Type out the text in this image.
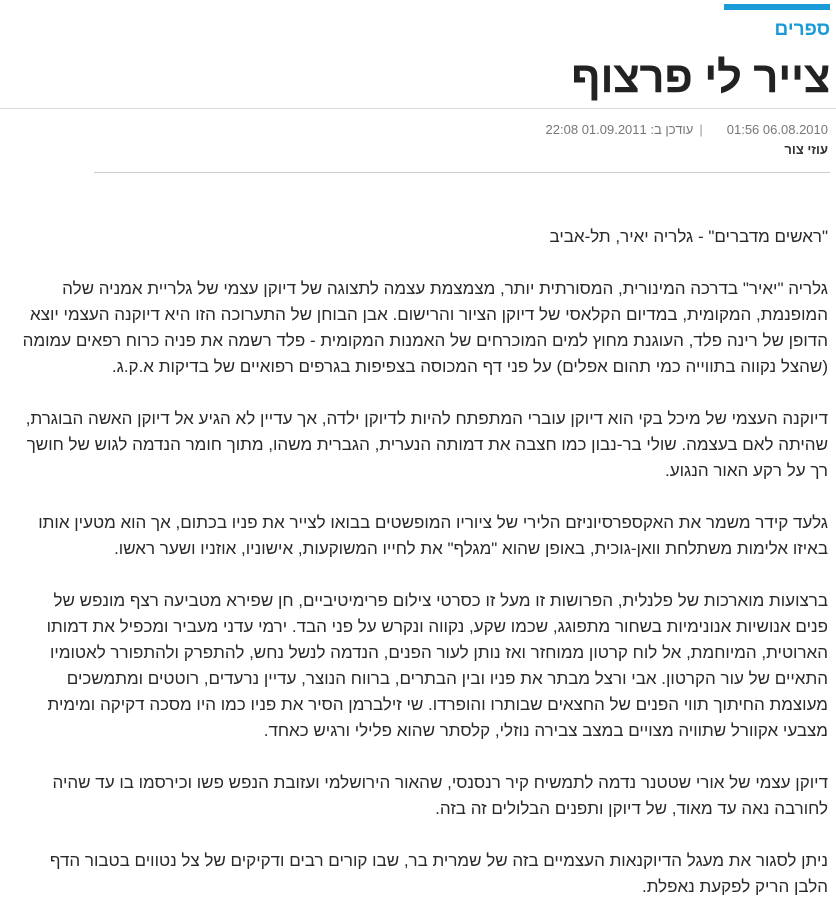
ספרים
צייר לי פרצוף
06.08.2010 01:56|עודכן ב: 01.09.2011 22:08
עוזי צור

"ראשים מדברים" - גלריה יאיר, תל-אביב

גלריה "יאיר" בדרכה המינורית, המסורתית יותר, מצמצמת עצמה לתצוגה של דיוקן עצמי של גלריית אמניה שלה המופנמת, המקומית, במדיום הקלאסי של דיוקן הציור והרישום. אבן הבוחן של התערוכה הזו היא דיוקנה העצמי יוצא הדופן של רינה פלד, העוגנת מחוץ למים המוכרחים של האמנות המקומית - פלד רשמה את פניה כרוח רפאים עמומה (שהצל נקווה בתווייה כמי תהום אפלים) על פני דף המכוסה בצפיפות בגרפים רפואיים של בדיקות א.ק.ג.

דיוקנה העצמי של מיכל בקי הוא דיוקן עוברי המתפתח להיות לדיוקן ילדה, אך עדיין לא הגיע אל דיוקן האשה הבוגרת, שהיתה לאם בעצמה. שולי בר-נבון כמו חצבה את דמותה הנערית, הגברית משהו, מתוך חומר הנדמה לגוש של חושך רך על רקע האור הנגוע.

גלעד קידר משמר את האקספרסיוניזם הלירי של ציוריו המופשטים בבואו לצייר את פניו בכתום, אך הוא מטעין אותו באיזו אלימות משתלחת וואן-גוכית, באופן שהוא "מגלף" את לחייו המשוקעות, אישוניו, אוזניו ושער ראשו.

ברצועות מוארכות של פלנלית, הפרושות זו מעל זו כסרטי צילום פרימיטיביים, חן שפירא מטביעה רצף מונפש של פנים אנושיות אנונימיות בשחור מתפוגג, שכמו שקע, נקווה ונקרש על פני הבד. ירמי עדני מעביר ומכפיל את דמותו הארוטית, המיוחמת, אל לוח קרטון ממוחזר ואז נותן לעור הפנים, הנדמה לנשל נחש, להתפרק ולהתפורר לאטומיו התאיים של עור הקרטון. אבי ורצל מבתר את פניו ובין הבתרים, ברווח הנוצר, עדיין נרעדים, רוטטים ומתמשכים מעוצמת החיתוך תווי הפנים של החצאים שבותרו והופרדו. שי זילברמן הסיר את פניו כמו היו מסכה דקיקה ומימית מצבעי אקוורל שתוויה מצויים במצב צבירה נוזלי, קלסתר שהוא פלילי ורגיש כאחד.

דיוקן עצמי של אורי שטטנר נדמה לתמשיח קיר רנסנסי, שהאור הירושלמי ועזובת הנפש פשו וכירסמו בו עד שהיה לחורבה נאה עד מאוד, של דיוקן ותפנים הבלולים זה בזה.

ניתן לסגור את מעגל הדיוקנאות העצמיים בזה של שמרית בר, שבו קורים רבים ודקיקים של צל נטווים בטבור הדף הלבן הריק לפקעת נאפלת.
